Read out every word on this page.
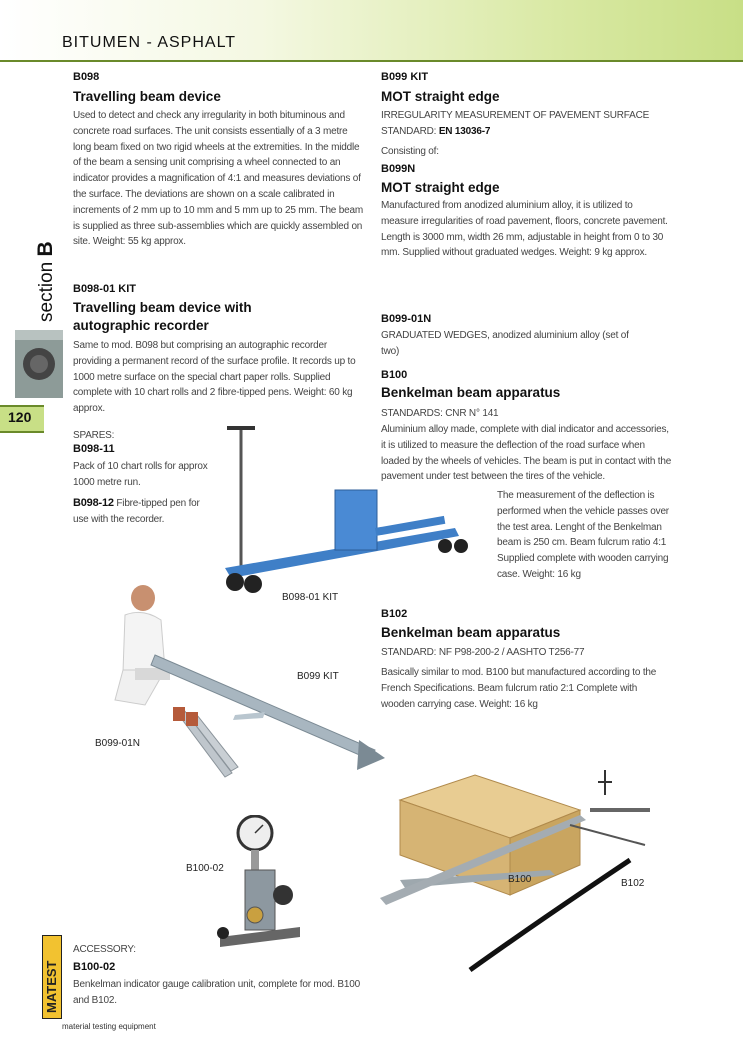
BITUMEN - ASPHALT
section B
120
B098
Travelling beam device
Used to detect and check any irregularity in both bituminous and concrete road surfaces. The unit consists essentially of a 3 metre long beam fixed on two rigid wheels at the extremities. In the middle of the beam a sensing unit comprising a wheel connected to an indicator provides a magnification of 4:1 and measures deviations of the surface. The deviations are shown on a scale calibrated in increments of 2 mm up to 10 mm and 5 mm up to 25 mm. The beam is supplied as three sub-assemblies which are quickly assembled on site. Weight: 55 kg approx.
B098-01 KIT
Travelling beam device with
autographic recorder
Same to mod. B098 but comprising an autographic recorder providing a permanent record of the surface profile. It records up to 1000 metre surface on the special chart paper rolls. Supplied complete with 10 chart rolls and 2 fibre-tipped pens. Weight: 60 kg approx.
SPARES:
B098-11
Pack of 10 chart rolls for approx 1000 metre run.
B098-12 Fibre-tipped pen for use with the recorder.
B099 KIT
MOT straight edge
IRREGULARITY MEASUREMENT OF PAVEMENT SURFACE
STANDARD: EN 13036-7
Consisting of:
B099N
MOT straight edge
Manufactured from anodized aluminium alloy, it is utilized to measure irregularities of road pavement, floors, concrete pavement. Length is 3000 mm, width 26 mm, adjustable in height from 0 to 30 mm. Supplied without graduated wedges. Weight: 9 kg approx.
B099-01N
GRADUATED WEDGES, anodized aluminium alloy (set of two)
B100
Benkelman beam apparatus
STANDARDS: CNR N° 141
Aluminium alloy made, complete with dial indicator and accessories, it is utilized to measure the deflection of the road surface when loaded by the wheels of vehicles. The beam is put in contact with the pavement under test between the tires of the vehicle.
The measurement of the deflection is performed when the vehicle passes over the test area. Lenght of the Benkelman beam is 250 cm. Beam fulcrum ratio 4:1 Supplied complete with wooden carrying case. Weight: 16 kg
B102
Benkelman beam apparatus
STANDARD: NF P98-200-2 / AASHTO T256-77
Basically similar to mod. B100 but manufactured according to the French Specifications. Beam fulcrum ratio 2:1 Complete with wooden carrying case. Weight: 16 kg
B098-01 KIT
B099 KIT
B099-01N
B100-02
B100	B102
ACCESSORY:
B100-02
Benkelman indicator gauge calibration unit, complete for mod. B100 and B102.
MATEST
material testing equipment
